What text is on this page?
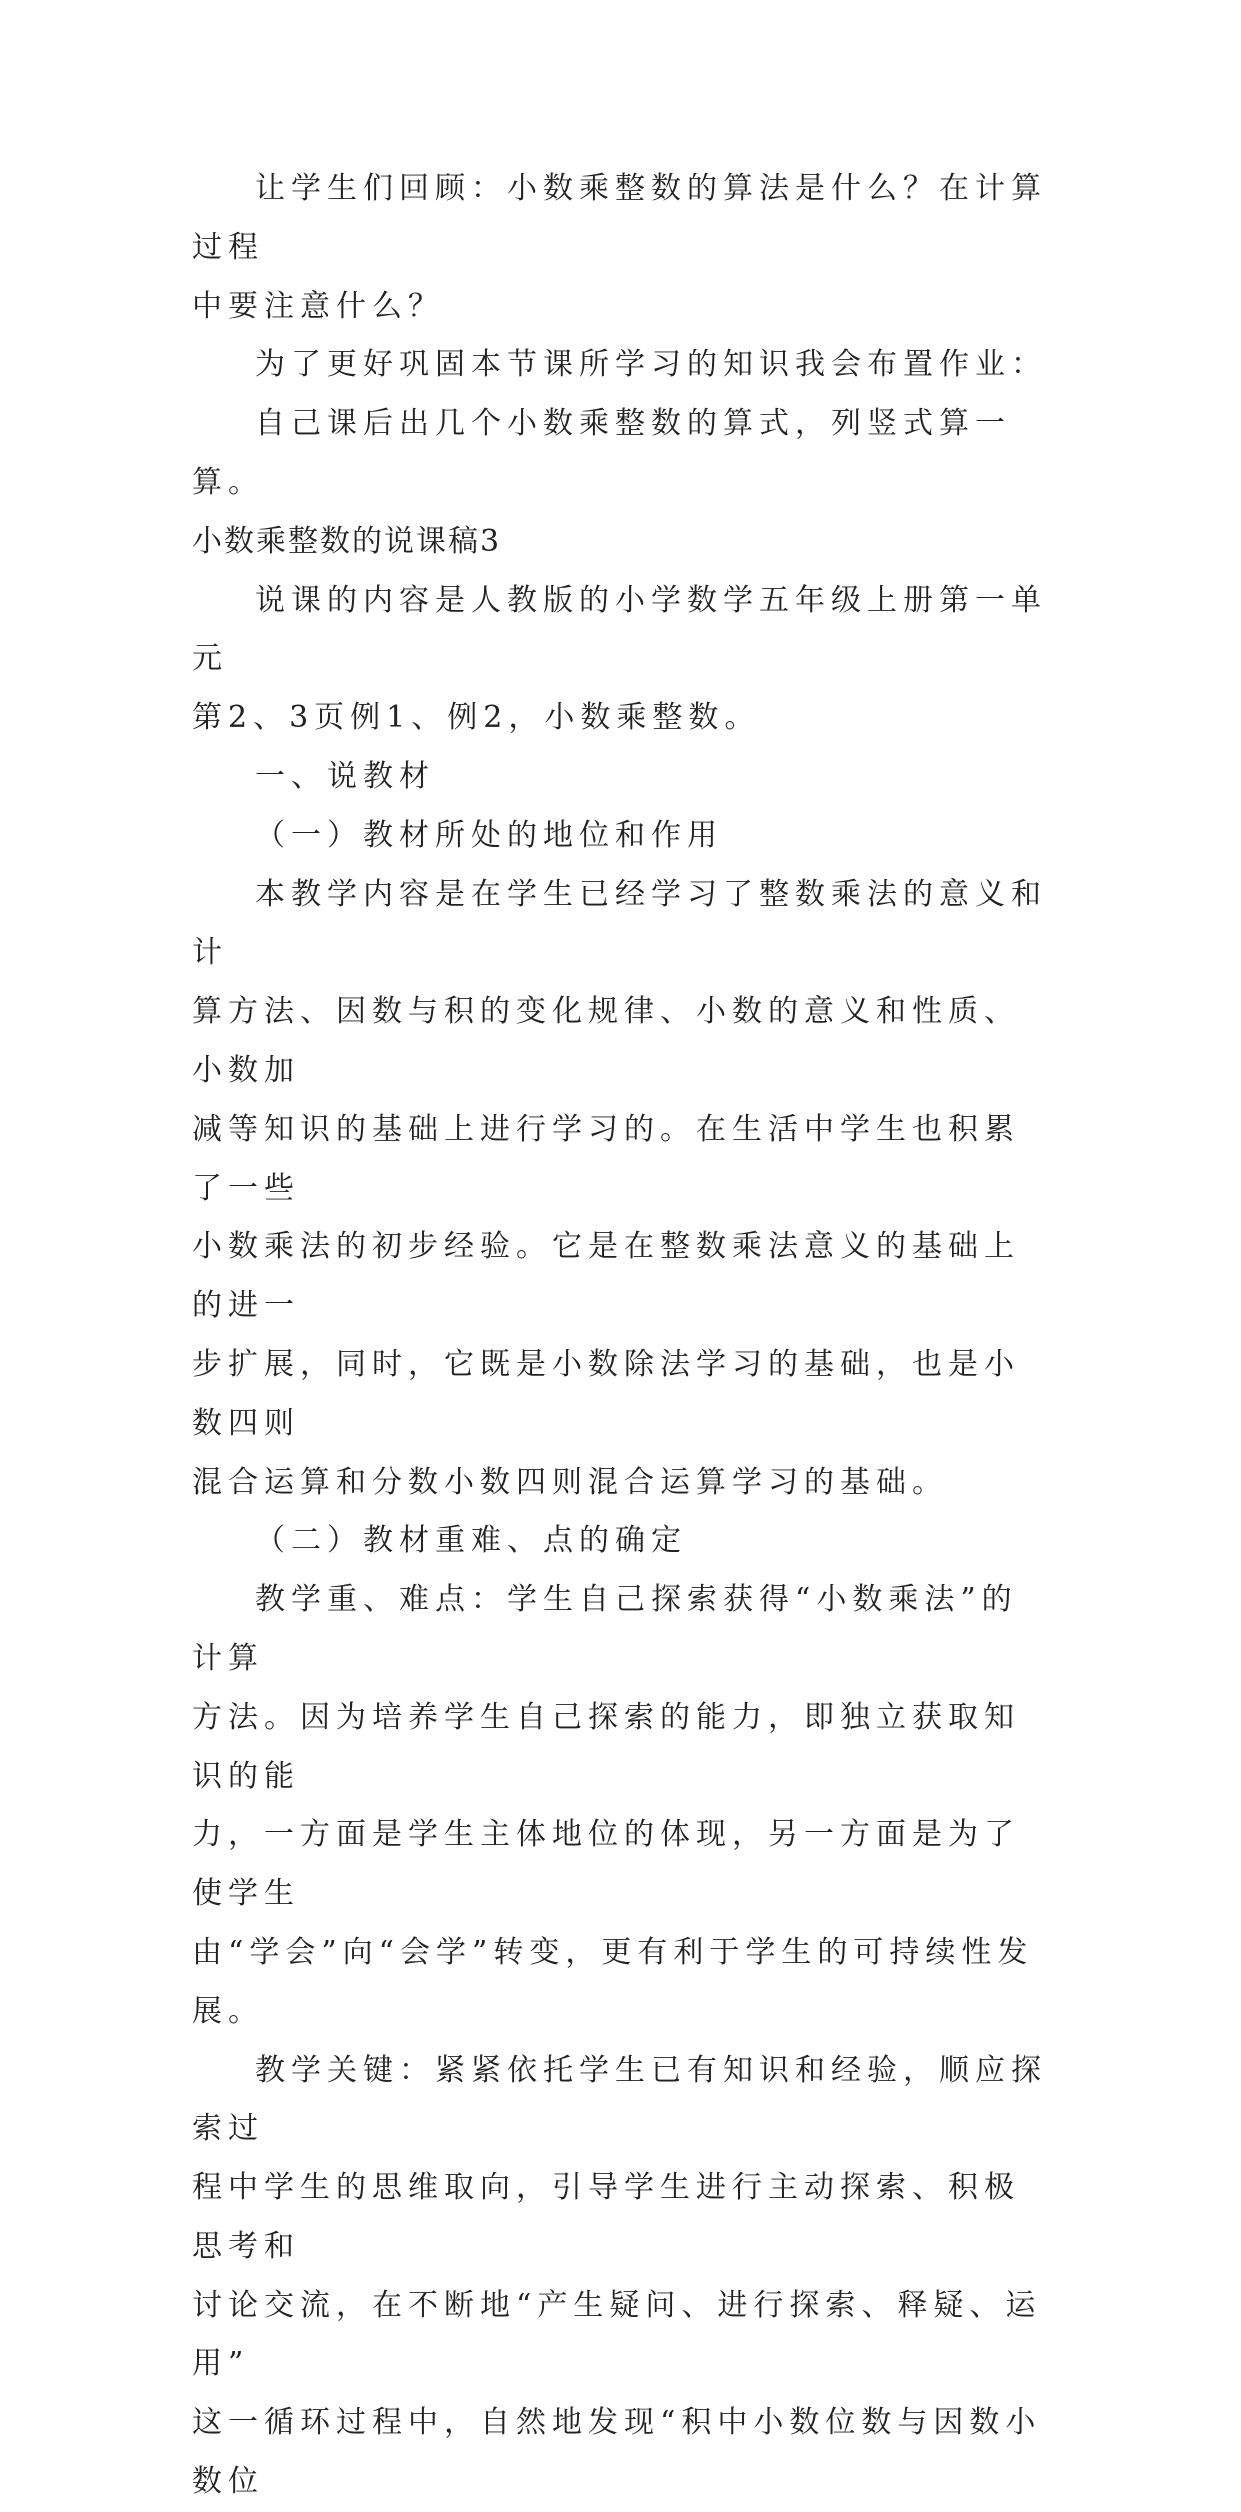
让学生们回顾：小数乘整数的算法是什么？在计算过程
中要注意什么？

为了更好巩固本节课所学习的知识我会布置作业：

自己课后出几个小数乘整数的算式，列竖式算一算。

小数乘整数的说课稿3

说课的内容是人教版的小学数学五年级上册第一单元
第2、3页例1、例2，小数乘整数。

一、说教材

（一）教材所处的地位和作用

本教学内容是在学生已经学习了整数乘法的意义和计
算方法、因数与积的变化规律、小数的意义和性质、小数加
减等知识的基础上进行学习的。在生活中学生也积累了一些
小数乘法的初步经验。它是在整数乘法意义的基础上的进一
步扩展，同时，它既是小数除法学习的基础，也是小数四则
混合运算和分数小数四则混合运算学习的基础。

（二）教材重难、点的确定

教学重、难点：学生自己探索获得“小数乘法”的计算
方法。因为培养学生自己探索的能力，即独立获取知识的能
力，一方面是学生主体地位的体现，另一方面是为了使学生
由“学会”向“会学”转变，更有利于学生的可持续性发展。

教学关键：紧紧依托学生已有知识和经验，顺应探索过
程中学生的思维取向，引导学生进行主动探索、积极思考和
讨论交流，在不断地“产生疑问、进行探索、释疑、运用”
这一循环过程中，自然地发现“积中小数位数与因数小数位
